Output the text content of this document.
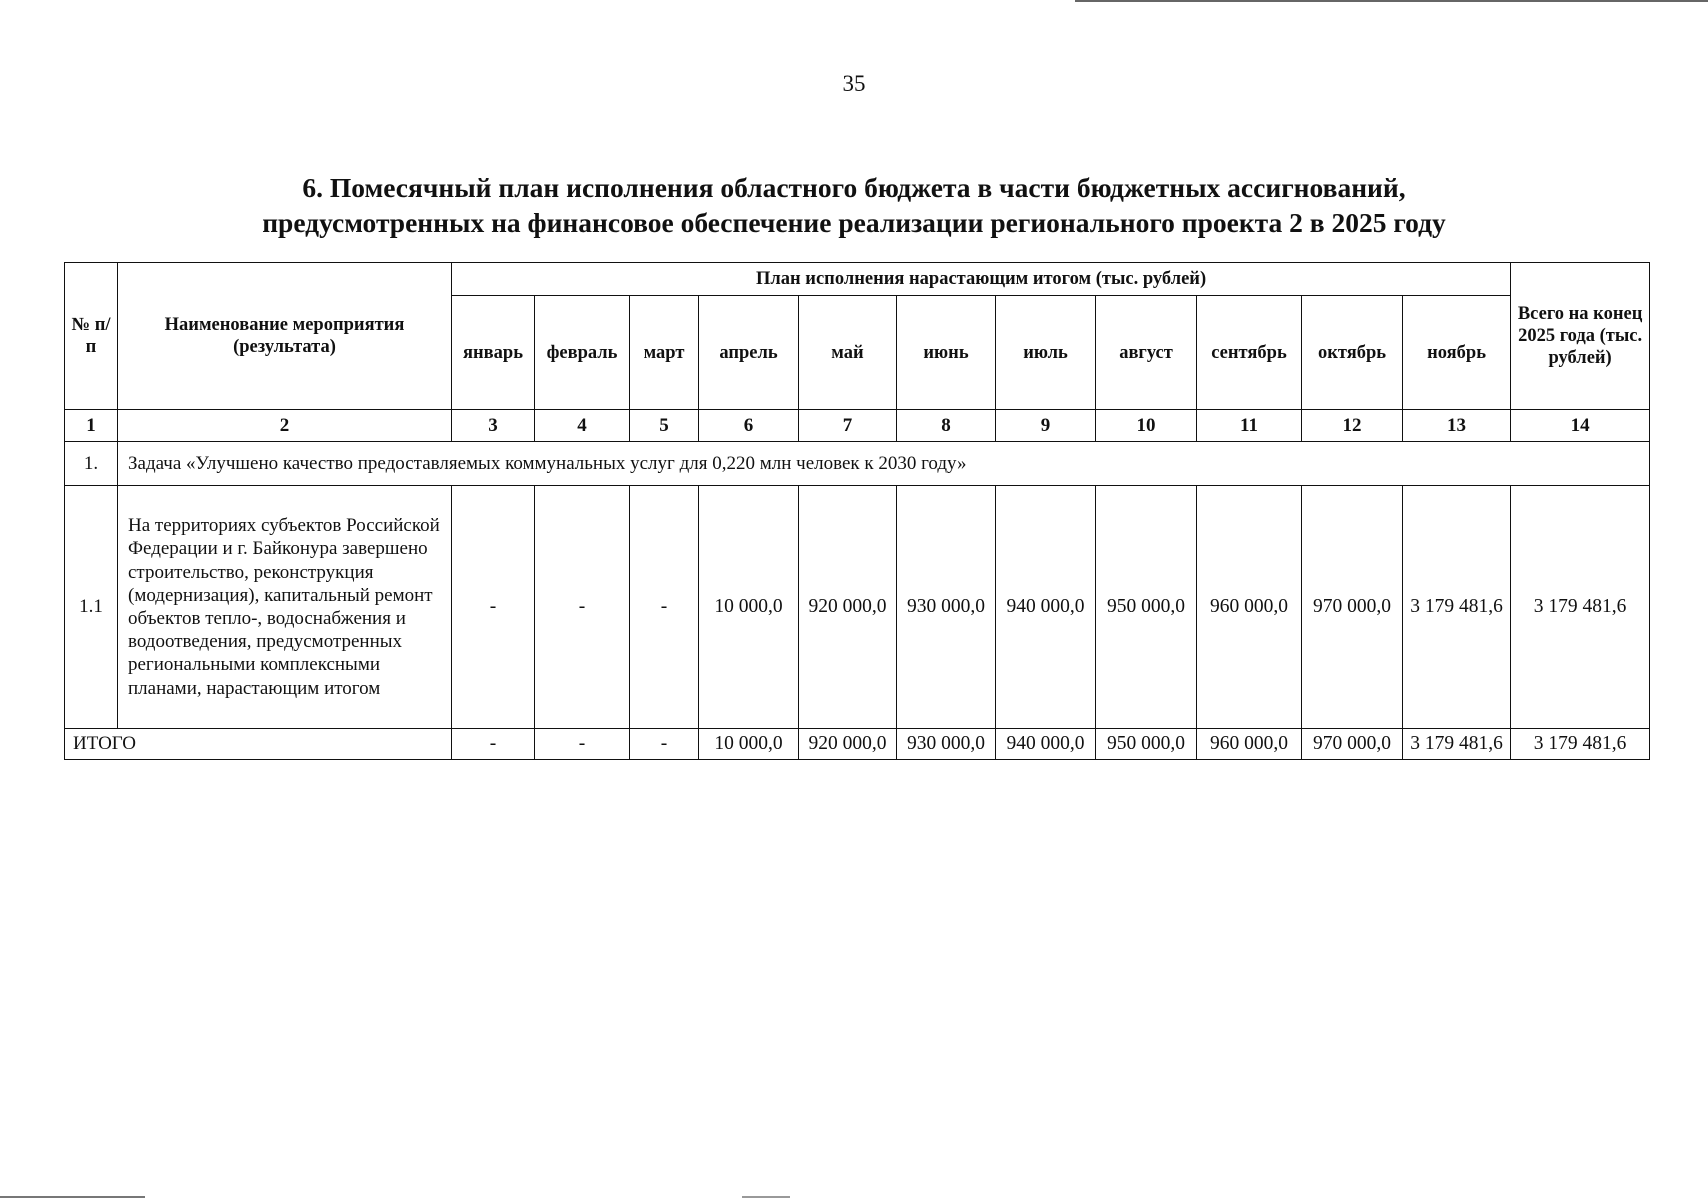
35
6. Помесячный план исполнения областного бюджета в части бюджетных ассигнований,
предусмотренных на финансовое обеспечение реализации регионального проекта 2 в 2025 году
№ п/п	Наименование мероприятия (результата)	План исполнения нарастающим итогом (тыс. рублей)											Всего на конец 2025 года (тыс. рублей)
		январь	февраль	март	апрель	май	июнь	июль	август	сентябрь	октябрь	ноябрь	
1	2	3	4	5	6	7	8	9	10	11	12	13	14
1.	Задача «Улучшено качество предоставляемых коммунальных услуг для 0,220 млн человек к 2030 году»												
1.1	На территориях субъектов Российской Федерации и г. Байконура завершено строительство, реконструкция (модернизация), капитальный ремонт объектов тепло-, водоснабжения и водоотведения, предусмотренных региональными комплексными планами, нарастающим итогом	-	-	-	10 000,0	920 000,0	930 000,0	940 000,0	950 000,0	960 000,0	970 000,0	3 179 481,6	3 179 481,6
ИТОГО		-	-	-	10 000,0	920 000,0	930 000,0	940 000,0	950 000,0	960 000,0	970 000,0	3 179 481,6	3 179 481,6
